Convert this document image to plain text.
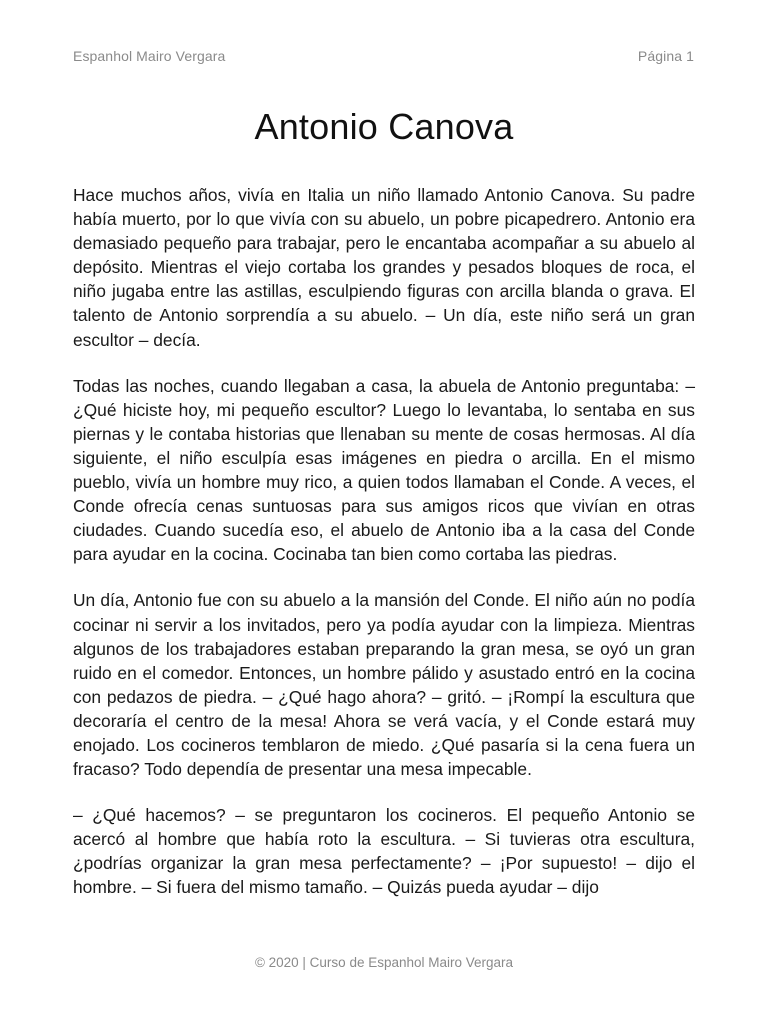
Espanhol Mairo Vergara	Página 1
Antonio Canova

Hace muchos años, vivía en Italia un niño llamado Antonio Canova. Su padre había muerto, por lo que vivía con su abuelo, un pobre picapedrero. Antonio era demasiado pequeño para trabajar, pero le encantaba acompañar a su abuelo al depósito. Mientras el viejo cortaba los grandes y pesados bloques de roca, el niño jugaba entre las astillas, esculpiendo figuras con arcilla blanda o grava. El talento de Antonio sorprendía a su abuelo. – Un día, este niño será un gran escultor – decía.

Todas las noches, cuando llegaban a casa, la abuela de Antonio preguntaba: – ¿Qué hiciste hoy, mi pequeño escultor? Luego lo levantaba, lo sentaba en sus piernas y le contaba historias que llenaban su mente de cosas hermosas. Al día siguiente, el niño esculpía esas imágenes en piedra o arcilla. En el mismo pueblo, vivía un hombre muy rico, a quien todos llamaban el Conde. A veces, el Conde ofrecía cenas suntuosas para sus amigos ricos que vivían en otras ciudades. Cuando sucedía eso, el abuelo de Antonio iba a la casa del Conde para ayudar en la cocina. Cocinaba tan bien como cortaba las piedras.

Un día, Antonio fue con su abuelo a la mansión del Conde. El niño aún no podía cocinar ni servir a los invitados, pero ya podía ayudar con la limpieza. Mientras algunos de los trabajadores estaban preparando la gran mesa, se oyó un gran ruido en el comedor. Entonces, un hombre pálido y asustado entró en la cocina con pedazos de piedra. – ¿Qué hago ahora? – gritó. – ¡Rompí la escultura que decoraría el centro de la mesa! Ahora se verá vacía, y el Conde estará muy enojado. Los cocineros temblaron de miedo. ¿Qué pasaría si la cena fuera un fracaso? Todo dependía de presentar una mesa impecable.

– ¿Qué hacemos? – se preguntaron los cocineros. El pequeño Antonio se acercó al hombre que había roto la escultura. – Si tuvieras otra escultura, ¿podrías organizar la gran mesa perfectamente? – ¡Por supuesto! – dijo el hombre. – Si fuera del mismo tamaño. – Quizás pueda ayudar – dijo

© 2020 | Curso de Espanhol Mairo Vergara
